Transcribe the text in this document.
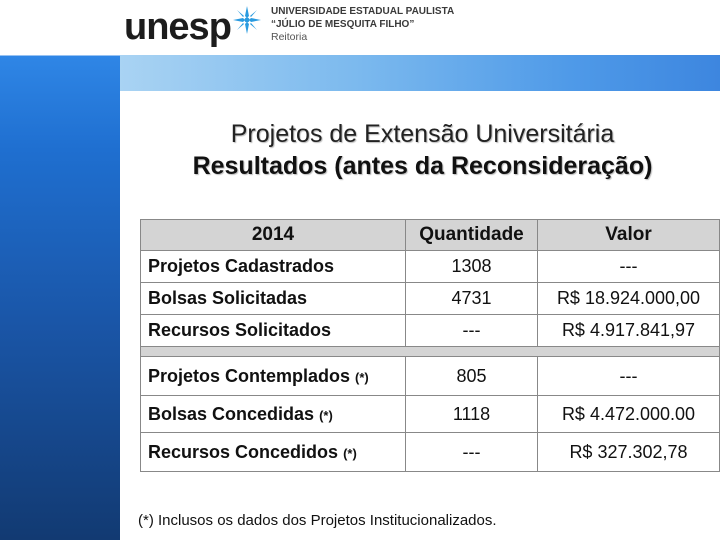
unesp	UNIVERSIDADE ESTADUAL PAULISTA
“JÚLIO DE MESQUITA FILHO”
Reitoria
Projetos de Extensão Universitária
Resultados (antes da Reconsideração)
2014	Quantidade	Valor
Projetos Cadastrados	1308	---
Bolsas Solicitadas	4731	R$ 18.924.000,00
Recursos Solicitados	---	R$ 4.917.841,97

Projetos Contemplados (*)	805	---
Bolsas Concedidas (*)	1118	R$ 4.472.000.00
Recursos Concedidos (*)	---	R$ 327.302,78
(*) Inclusos os dados dos Projetos Institucionalizados.
